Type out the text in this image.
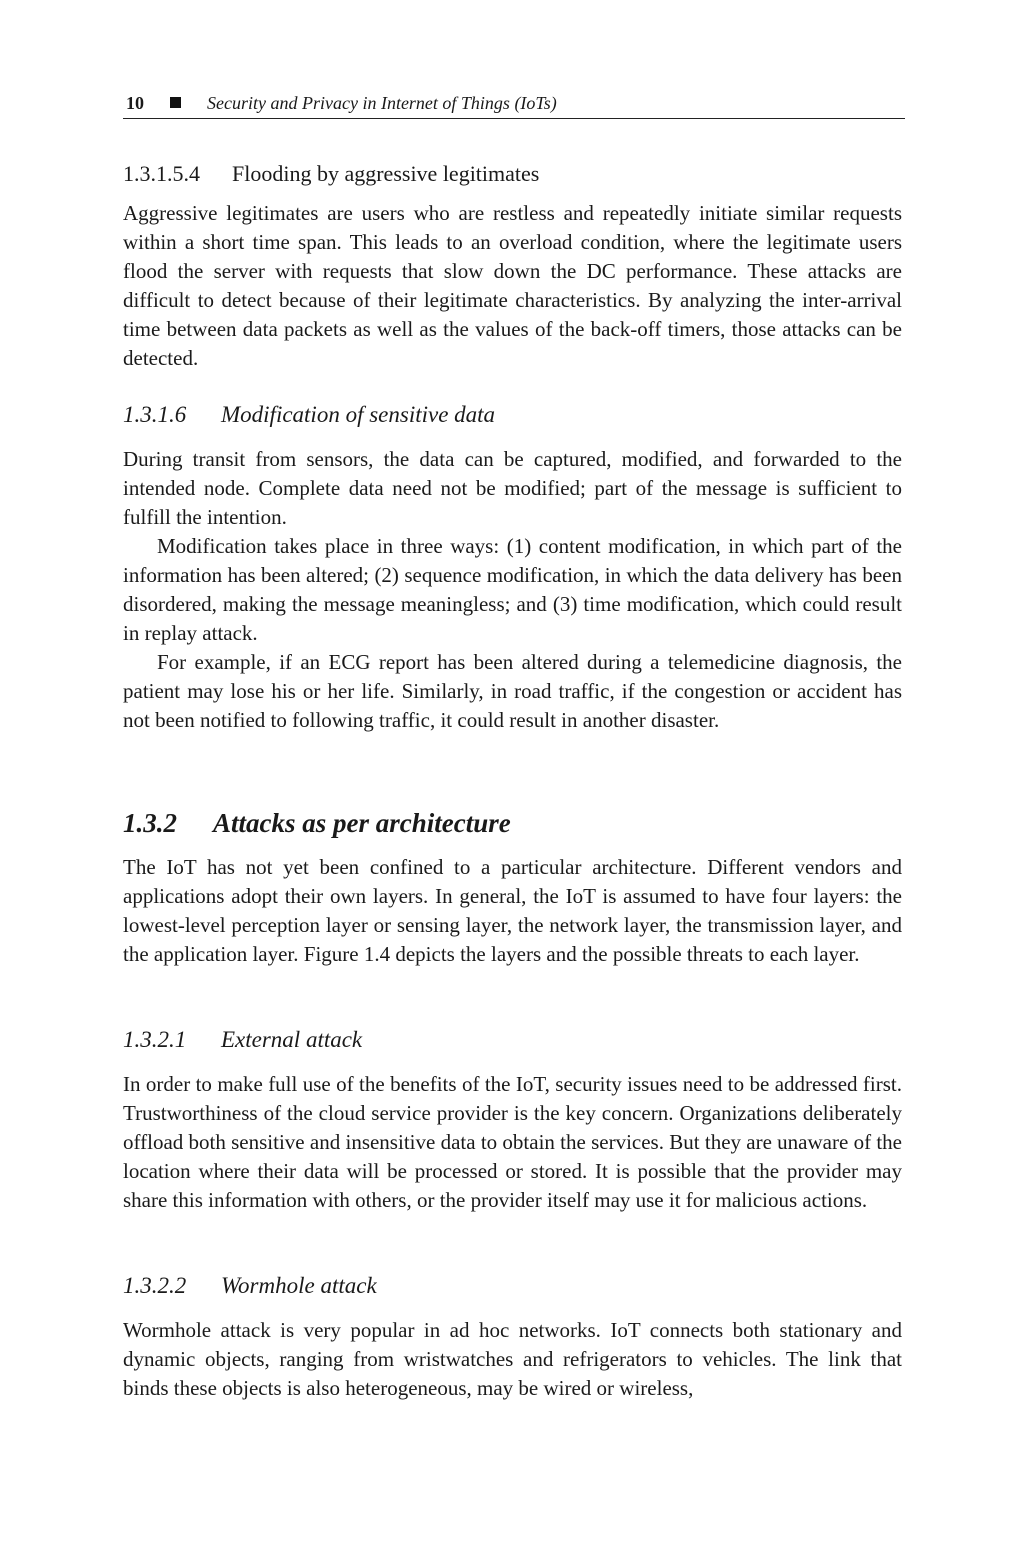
10	Security and Privacy in Internet of Things (IoTs)
1.3.1.5.4 Flooding by aggressive legitimates

Aggressive legitimates are users who are restless and repeatedly initiate similar requests within a short time span. This leads to an overload condition, where the legitimate users flood the server with requests that slow down the DC performance. These attacks are difficult to detect because of their legitimate characteristics. By analyzing the inter-arrival time between data packets as well as the values of the back-off timers, those attacks can be detected.

1.3.1.6 Modification of sensitive data

During transit from sensors, the data can be captured, modified, and forwarded to the intended node. Complete data need not be modified; part of the message is sufficient to fulfill the intention.

Modification takes place in three ways: (1) content modification, in which part of the information has been altered; (2) sequence modification, in which the data delivery has been disordered, making the message meaningless; and (3) time modification, which could result in replay attack.

For example, if an ECG report has been altered during a telemedicine diagnosis, the patient may lose his or her life. Similarly, in road traffic, if the congestion or accident has not been notified to following traffic, it could result in another disaster.

1.3.2 Attacks as per architecture

The IoT has not yet been confined to a particular architecture. Different vendors and applications adopt their own layers. In general, the IoT is assumed to have four layers: the lowest-level perception layer or sensing layer, the network layer, the transmission layer, and the application layer. Figure 1.4 depicts the layers and the possible threats to each layer.

1.3.2.1 External attack

In order to make full use of the benefits of the IoT, security issues need to be addressed first. Trustworthiness of the cloud service provider is the key concern. Organizations deliberately offload both sensitive and insensitive data to obtain the services. But they are unaware of the location where their data will be processed or stored. It is possible that the provider may share this information with others, or the provider itself may use it for malicious actions.

1.3.2.2 Wormhole attack

Wormhole attack is very popular in ad hoc networks. IoT connects both stationary and dynamic objects, ranging from wristwatches and refrigerators to vehicles. The link that binds these objects is also heterogeneous, may be wired or wireless,
